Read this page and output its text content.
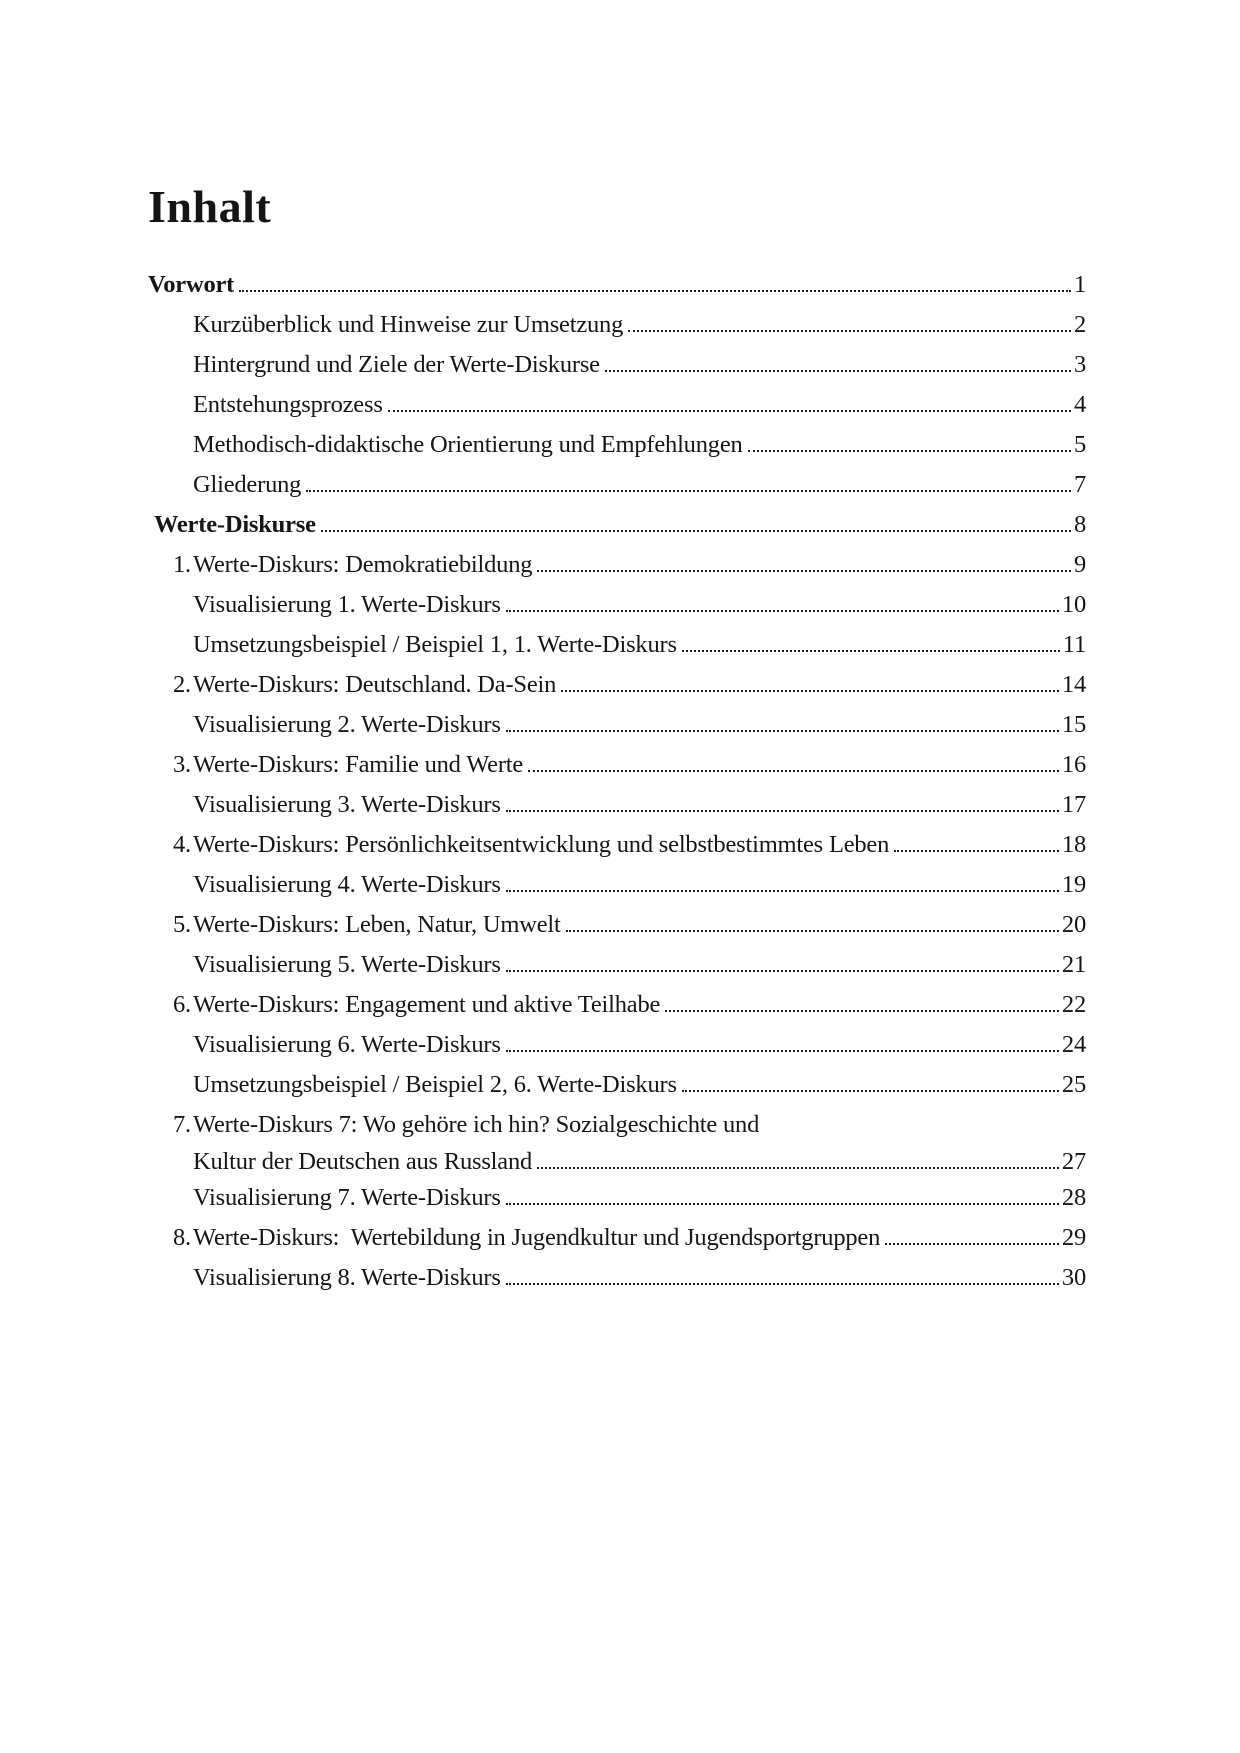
Inhalt
Vorwort	1
Kurzüberblick und Hinweise zur Umsetzung	2
Hintergrund und Ziele der Werte-Diskurse	3
Entstehungsprozess	4
Methodisch-didaktische Orientierung und Empfehlungen	5
Gliederung	7
Werte-Diskurse	8
1. Werte-Diskurs: Demokratiebildung	9
Visualisierung 1. Werte-Diskurs	10
Umsetzungsbeispiel / Beispiel 1, 1. Werte-Diskurs	11
2. Werte-Diskurs: Deutschland. Da-Sein	14
Visualisierung 2. Werte-Diskurs	15
3. Werte-Diskurs: Familie und Werte	16
Visualisierung 3. Werte-Diskurs	17
4. Werte-Diskurs: Persönlichkeitsentwicklung und selbstbestimmtes Leben	18
Visualisierung 4. Werte-Diskurs	19
5. Werte-Diskurs: Leben, Natur, Umwelt	20
Visualisierung 5. Werte-Diskurs	21
6. Werte-Diskurs: Engagement und aktive Teilhabe	22
Visualisierung 6. Werte-Diskurs	24
Umsetzungsbeispiel / Beispiel 2, 6. Werte-Diskurs	25
7. Werte-Diskurs 7: Wo gehöre ich hin? Sozialgeschichte und
Kultur der Deutschen aus Russland	27
Visualisierung 7. Werte-Diskurs	28
8. Werte-Diskurs:  Wertebildung in Jugendkultur und Jugendsportgruppen	29
Visualisierung 8. Werte-Diskurs	30
